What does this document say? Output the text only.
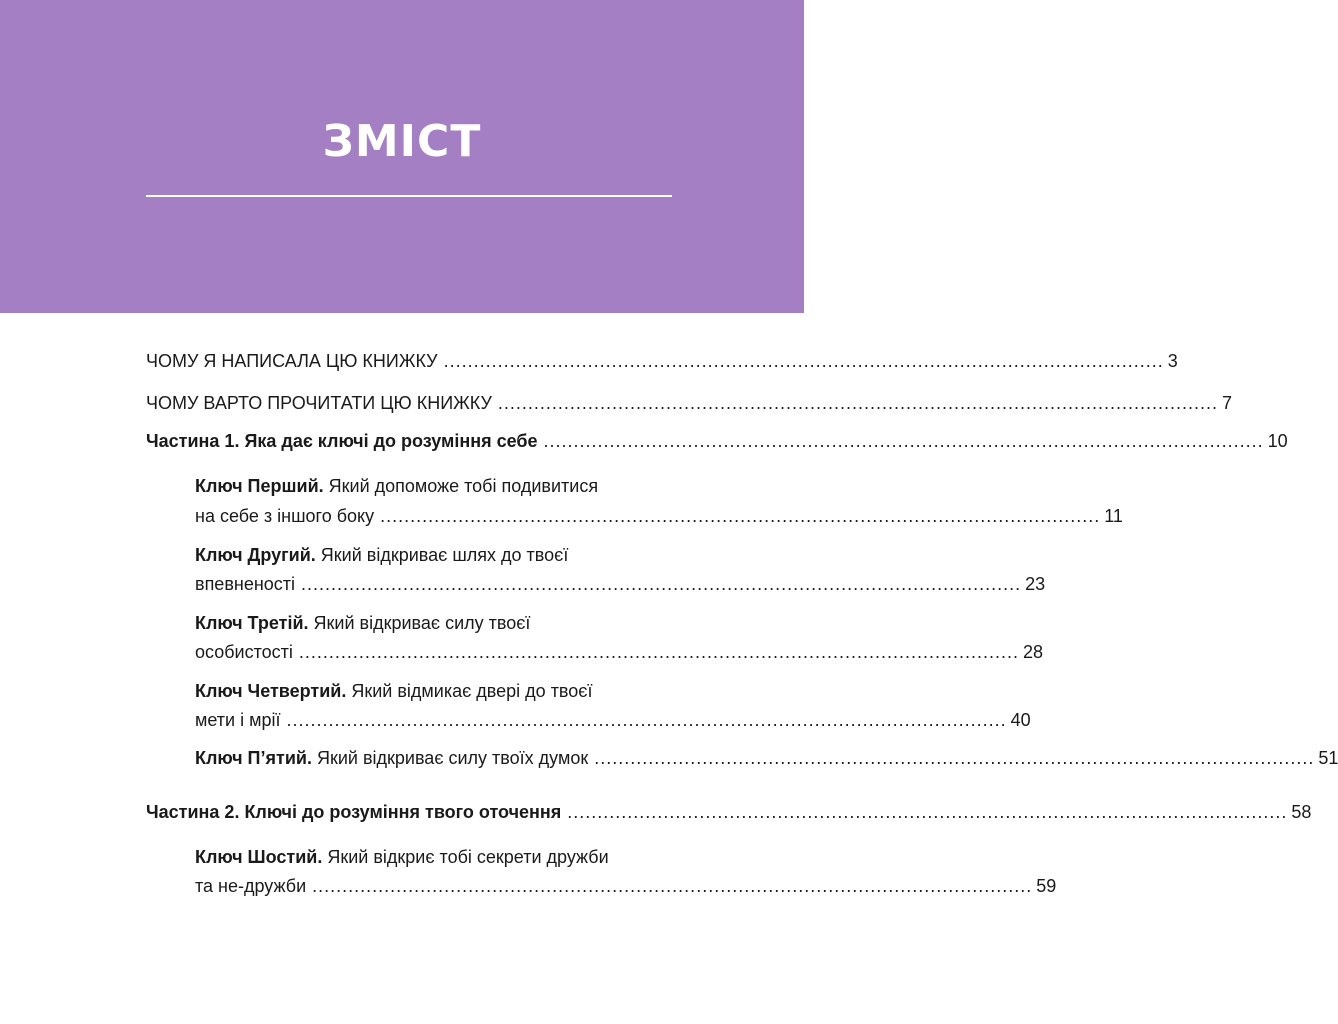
ЗМІСТ
ЧОМУ Я НАПИСАЛА ЦЮ КНИЖКУ ........................................................................................................................ 3
ЧОМУ ВАРТО ПРОЧИТАТИ ЦЮ КНИЖКУ ........................................................................................................................ 7
Частина 1. Яка дає ключі до розуміння себе ........................................................................................................................ 10
Ключ Перший. Який допоможе тобі подивитися
на себе з іншого боку ........................................................................................................................ 11
Ключ Другий. Який відкриває шлях до твоєї
впевненості ........................................................................................................................ 23
Ключ Третій. Який відкриває силу твоєї
особистості ........................................................................................................................ 28
Ключ Четвертий. Який відмикає двері до твоєї
мети і мрії ........................................................................................................................ 40
Ключ П’ятий. Який відкриває силу твоїх думок ........................................................................................................................ 51
Частина 2. Ключі до розуміння твого оточення ........................................................................................................................ 58
Ключ Шостий. Який відкриє тобі секрети дружби
та не-дружби ........................................................................................................................ 59
